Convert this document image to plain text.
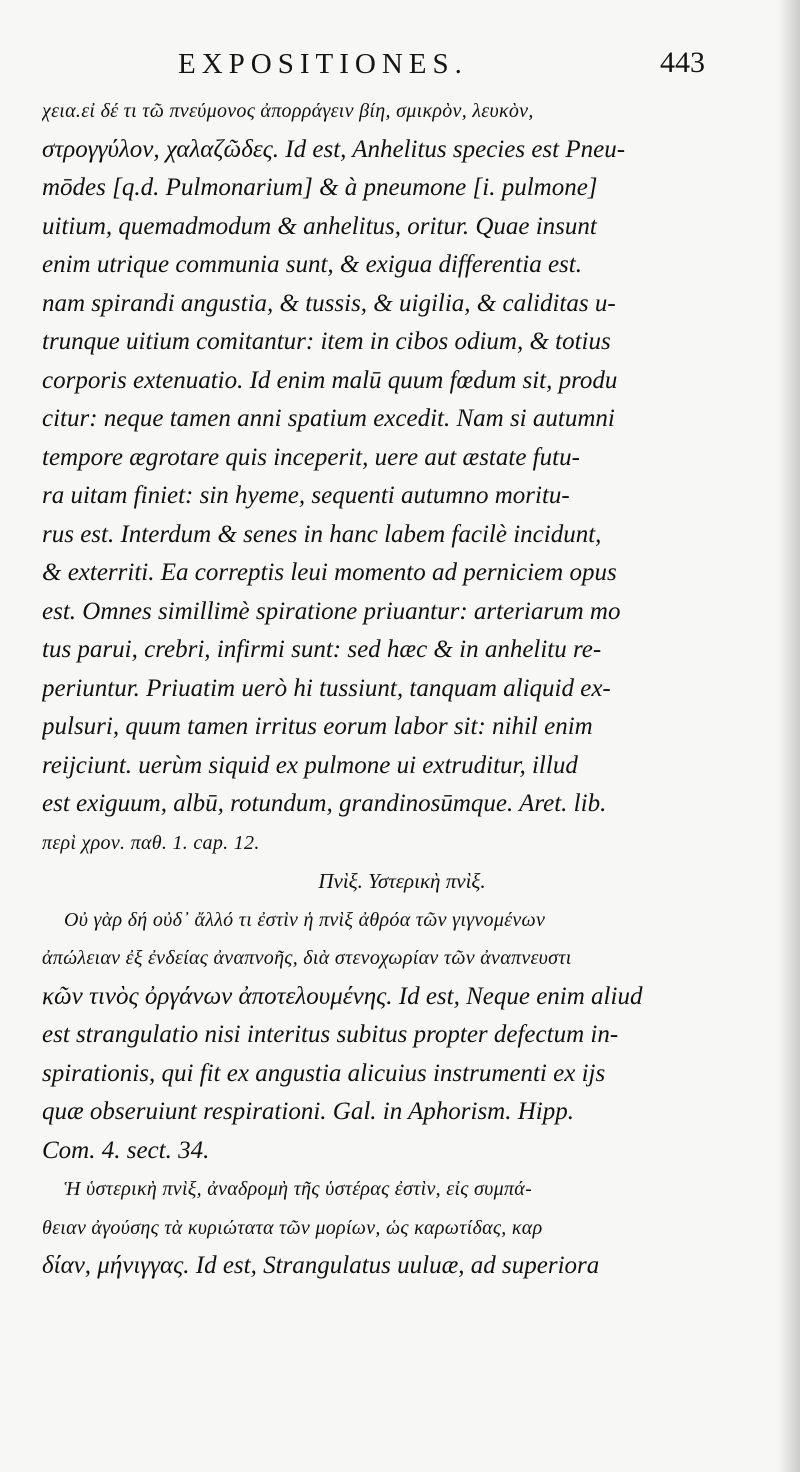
EXPOSITIONES.	443
χεια.εἰ δέ τι τῶ πνεύμονος ἀπορράγειν βίη, σμικρὸν, λευκὸν,
στρογγύλον, χαλαζῶδες. Id est, Anhelitus species est Pneu-
mōdes [q.d. Pulmonarium] & à pneumone [i. pulmone]
uitium, quemadmodum & anhelitus, oritur. Quae insunt
enim utrique communia sunt, & exigua differentia est.
nam spirandi angustia, & tussis, & uigilia, & caliditas u-
trunque uitium comitantur: item in cibos odium, & totius
corporis extenuatio. Id enim malū quum fœdum sit, produ
citur: neque tamen anni spatium excedit. Nam si autumni
tempore ægrotare quis inceperit, uere aut æstate futu-
ra uitam finiet: sin hyeme, sequenti autumno moritu-
rus est. Interdum & senes in hanc labem facilè incidunt,
& exterriti. Ea correptis leui momento ad perniciem opus
est. Omnes simillimè spiratione priuantur: arteriarum mo
tus parui, crebri, infirmi sunt: sed hæc & in anhelitu re-
periuntur. Priuatim uerò hi tussiunt, tanquam aliquid ex-
pulsuri, quum tamen irritus eorum labor sit: nihil enim
reijciunt. uerùm siquid ex pulmone ui extruditur, illud
est exiguum, albū, rotundum, grandinosūmque. Aret. lib.
περὶ χρον. παθ. 1. cap. 12.
Πνὶξ. Υστερικὴ πνὶξ.
Οὐ γὰρ δή οὐδ᾽ ἄλλό τι ἐστὶν ἡ πνὶξ ἀθρόα τῶν γιγνομένων
ἀπώλειαν ἐξ ἐνδείας ἀναπνοῆς, διὰ στενοχωρίαν τῶν ἀναπνευστι
κῶν τινὸς ὀργάνων ἀποτελουμένης. Id est, Neque enim aliud
est strangulatio nisi interitus subitus propter defectum in-
spirationis, qui fit ex angustia alicuius instrumenti ex ijs
quæ obseruiunt respirationi. Gal. in Aphorism. Hipp.
Com. 4. sect. 34.
Ἡ ὑστερικὴ πνὶξ, ἀναδρομὴ τῆς ὑστέρας ἐστὶν, εἰς συμπά-
θειαν ἀγούσης τὰ κυριώτατα τῶν μορίων, ὡς καρωτίδας, καρ
δίαν, μήνιγγας. Id est, Strangulatus uuluæ, ad superiora
